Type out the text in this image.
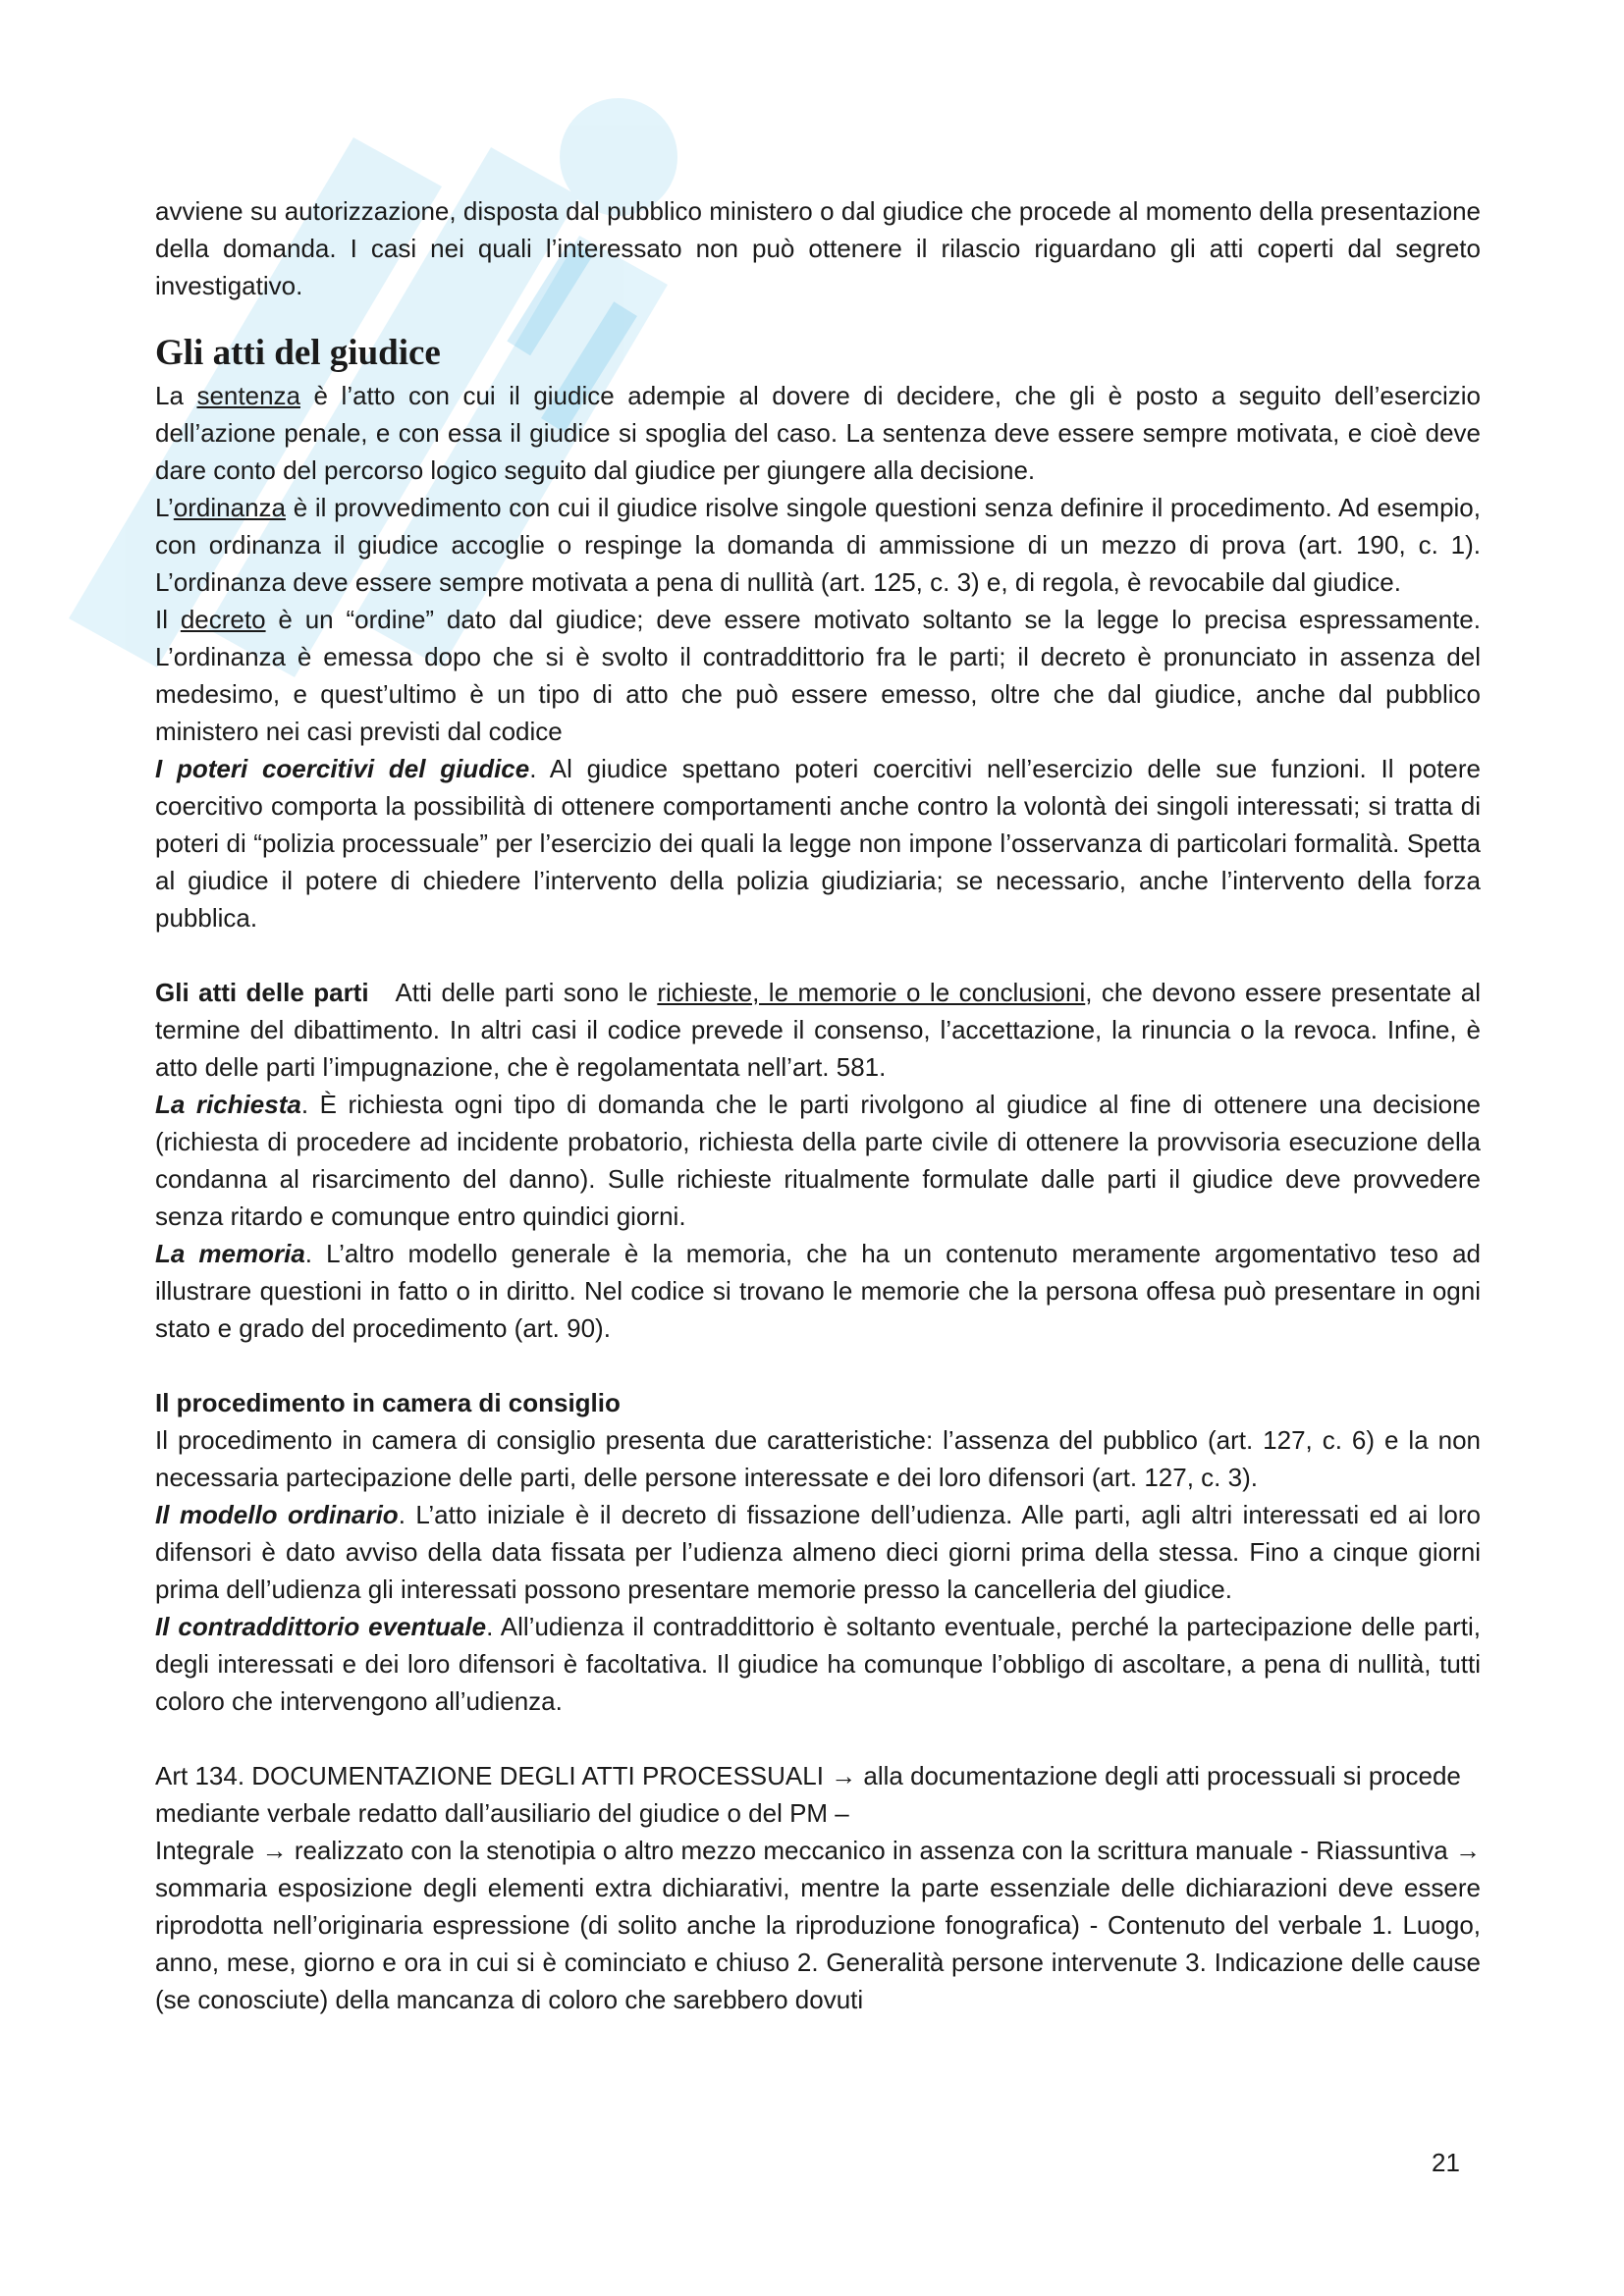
avviene su autorizzazione, disposta dal pubblico ministero o dal giudice che procede al momento della presentazione della domanda. I casi nei quali l’interessato non può ottenere il rilascio riguardano gli atti coperti dal segreto investigativo.

Gli atti del giudice

La sentenza è l’atto con cui il giudice adempie al dovere di decidere, che gli è posto a seguito dell’esercizio dell’azione penale, e con essa il giudice si spoglia del caso. La sentenza deve essere sempre motivata, e cioè deve dare conto del percorso logico seguito dal giudice per giungere alla decisione.

L’ordinanza è il provvedimento con cui il giudice risolve singole questioni senza definire il procedimento. Ad esempio, con ordinanza il giudice accoglie o respinge la domanda di ammissione di un mezzo di prova (art. 190, c. 1). L’ordinanza deve essere sempre motivata a pena di nullità (art. 125, c. 3) e, di regola, è revocabile dal giudice.

Il decreto è un “ordine” dato dal giudice; deve essere motivato soltanto se la legge lo precisa espressamente. L’ordinanza è emessa dopo che si è svolto il contraddittorio fra le parti; il decreto è pronunciato in assenza del medesimo, e quest’ultimo è un tipo di atto che può essere emesso, oltre che dal giudice, anche dal pubblico ministero nei casi previsti dal codice

I poteri coercitivi del giudice. Al giudice spettano poteri coercitivi nell’esercizio delle sue funzioni. Il potere coercitivo comporta la possibilità di ottenere comportamenti anche contro la volontà dei singoli interessati; si tratta di poteri di “polizia processuale” per l’esercizio dei quali la legge non impone l’osservanza di particolari formalità. Spetta al giudice il potere di chiedere l’intervento della polizia giudiziaria; se necessario, anche l’intervento della forza pubblica.

Gli atti delle parti   Atti delle parti sono le richieste, le memorie o le conclusioni, che devono essere presentate al termine del dibattimento. In altri casi il codice prevede il consenso, l’accettazione, la rinuncia o la revoca. Infine, è atto delle parti l’impugnazione, che è regolamentata nell’art. 581.

La richiesta. È richiesta ogni tipo di domanda che le parti rivolgono al giudice al fine di ottenere una decisione (richiesta di procedere ad incidente probatorio, richiesta della parte civile di ottenere la provvisoria esecuzione della condanna al risarcimento del danno). Sulle richieste ritualmente formulate dalle parti il giudice deve provvedere senza ritardo e comunque entro quindici giorni.

La memoria. L’altro modello generale è la memoria, che ha un contenuto meramente argomentativo teso ad illustrare questioni in fatto o in diritto. Nel codice si trovano le memorie che la persona offesa può presentare in ogni stato e grado del procedimento (art. 90).

Il procedimento in camera di consiglio

Il procedimento in camera di consiglio presenta due caratteristiche: l’assenza del pubblico (art. 127, c. 6) e la non necessaria partecipazione delle parti, delle persone interessate e dei loro difensori (art. 127, c. 3).

Il modello ordinario. L’atto iniziale è il decreto di fissazione dell’udienza. Alle parti, agli altri interessati ed ai loro difensori è dato avviso della data fissata per l’udienza almeno dieci giorni prima della stessa. Fino a cinque giorni prima dell’udienza gli interessati possono presentare memorie presso la cancelleria del giudice.

Il contraddittorio eventuale. All’udienza il contraddittorio è soltanto eventuale, perché la partecipazione delle parti, degli interessati e dei loro difensori è facoltativa. Il giudice ha comunque l’obbligo di ascoltare, a pena di nullità, tutti coloro che intervengono all’udienza.

Art 134. DOCUMENTAZIONE DEGLI ATTI PROCESSUALI → alla documentazione degli atti processuali si procede mediante verbale redatto dall’ausiliario del giudice o del PM –

Integrale → realizzato con la stenotipia o altro mezzo meccanico in assenza con la scrittura manuale - Riassuntiva → sommaria esposizione degli elementi extra dichiarativi, mentre la parte essenziale delle dichiarazioni deve essere riprodotta nell’originaria espressione (di solito anche la riproduzione fonografica) - Contenuto del verbale 1. Luogo, anno, mese, giorno e ora in cui si è cominciato e chiuso 2. Generalità persone intervenute 3. Indicazione delle cause (se conosciute) della mancanza di coloro che sarebbero dovuti

21
